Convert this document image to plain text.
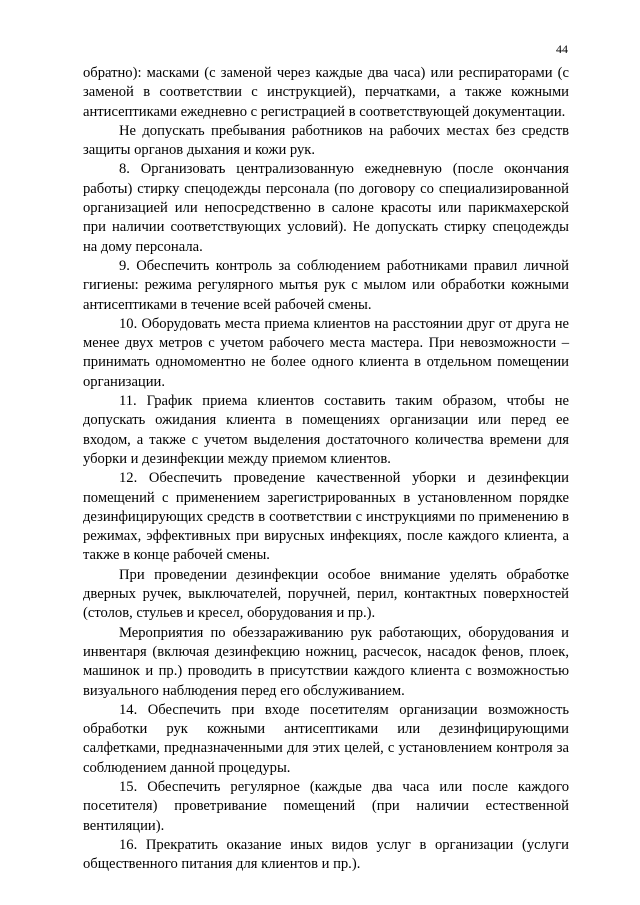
44

обратно): масками (с заменой через каждые два часа) или респираторами (с заменой в соответствии с инструкцией), перчатками, а также кожными антисептиками ежедневно с регистрацией в соответствующей документации.

Не допускать пребывания работников на рабочих местах без средств защиты органов дыхания и кожи рук.

8. Организовать централизованную ежедневную (после окончания работы) стирку спецодежды персонала (по договору со специализированной организацией или непосредственно в салоне красоты или парикмахерской при наличии соответствующих условий). Не допускать стирку спецодежды на дому персонала.

9. Обеспечить контроль за соблюдением работниками правил личной гигиены: режима регулярного мытья рук с мылом или обработки кожными антисептиками в течение всей рабочей смены.

10. Оборудовать места приема клиентов на расстоянии друг от друга не менее двух метров с учетом рабочего места мастера. При невозможности – принимать одномоментно не более одного клиента в отдельном помещении организации.

11. График приема клиентов составить таким образом, чтобы не допускать ожидания клиента в помещениях организации или перед ее входом, а также с учетом выделения достаточного количества времени для уборки и дезинфекции между приемом клиентов.

12. Обеспечить проведение качественной уборки и дезинфекции помещений с применением зарегистрированных в установленном порядке дезинфицирующих средств в соответствии с инструкциями по применению в режимах, эффективных при вирусных инфекциях, после каждого клиента, а также в конце рабочей смены.

При проведении дезинфекции особое внимание уделять обработке дверных ручек, выключателей, поручней, перил, контактных поверхностей (столов, стульев и кресел, оборудования и пр.).

Мероприятия по обеззараживанию рук работающих, оборудования и инвентаря (включая дезинфекцию ножниц, расчесок, насадок фенов, плоек, машинок и пр.) проводить в присутствии каждого клиента с возможностью визуального наблюдения перед его обслуживанием.

14. Обеспечить при входе посетителям организации возможность обработки рук кожными антисептиками или дезинфицирующими салфетками, предназначенными для этих целей, с установлением контроля за соблюдением данной процедуры.

15. Обеспечить регулярное (каждые два часа или после каждого посетителя) проветривание помещений (при наличии естественной вентиляции).

16. Прекратить оказание иных видов услуг в организации (услуги общественного питания для клиентов и пр.).
